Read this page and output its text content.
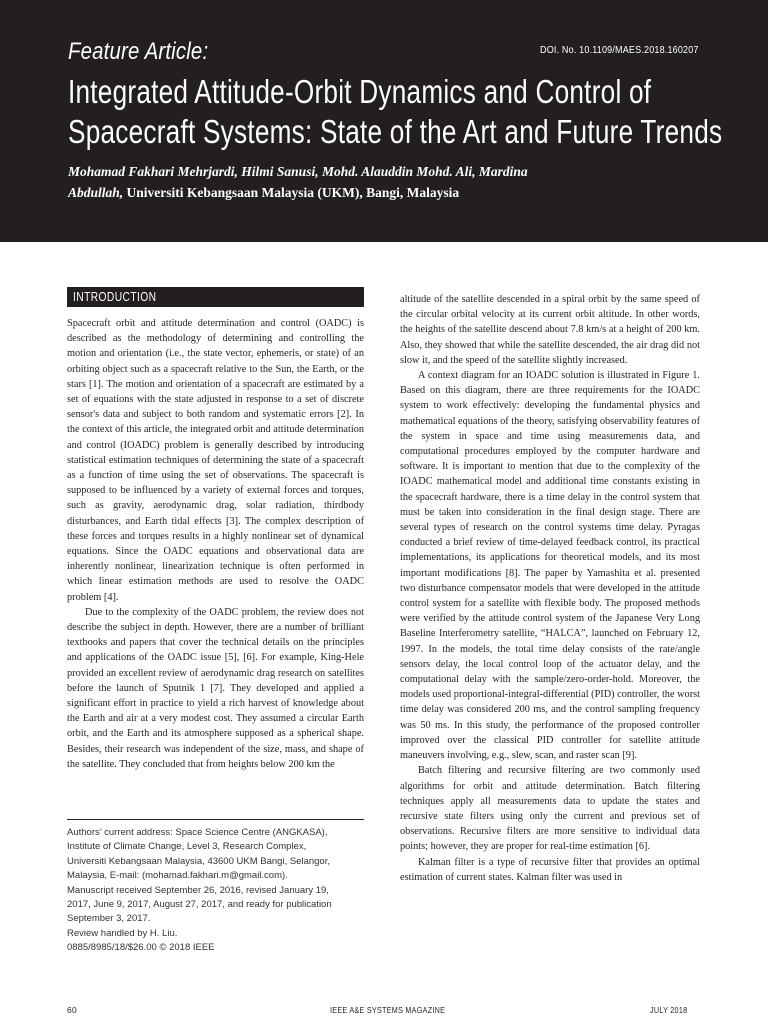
Feature Article:	DOI. No. 10.1109/MAES.2018.160207
Integrated Attitude-Orbit Dynamics and Control of
Spacecraft Systems: State of the Art and Future Trends
Mohamad Fakhari Mehrjardi, Hilmi Sanusi, Mohd. Alauddin Mohd. Ali, Mardina
Abdullah, Universiti Kebangsaan Malaysia (UKM), Bangi, Malaysia
INTRODUCTION

Spacecraft orbit and attitude determination and control (OADC) is described as the methodology of determining and controlling the motion and orientation (i.e., the state vector, ephemeris, or state) of an orbiting object such as a spacecraft relative to the Sun, the Earth, or the stars [1]. The motion and orientation of a spacecraft are estimated by a set of equations with the state adjusted in response to a set of discrete sensor's data and subject to both random and systematic errors [2]. In the context of this article, the integrated orbit and attitude determination and control (IOADC) problem is generally described by introducing statistical estimation techniques of determining the state of a spacecraft as a function of time using the set of observations. The spacecraft is supposed to be influenced by a variety of external forces and torques, such as gravity, aerodynamic drag, solar radiation, thirdbody disturbances, and Earth tidal effects [3]. The complex description of these forces and torques results in a highly nonlinear set of dynamical equations. Since the OADC equations and observational data are inherently nonlinear, linearization technique is often performed in which linear estimation methods are used to resolve the OADC problem [4].

Due to the complexity of the OADC problem, the review does not describe the subject in depth. However, there are a number of brilliant textbooks and papers that cover the technical details on the principles and applications of the OADC issue [5], [6]. For example, King-Hele provided an excellent review of aerodynamic drag research on satellites before the launch of Sputnik 1 [7]. They developed and applied a significant effort in practice to yield a rich harvest of knowledge about the Earth and air at a very modest cost. They assumed a circular Earth orbit, and the Earth and its atmosphere supposed as a spherical shape. Besides, their research was independent of the size, mass, and shape of the satellite. They concluded that from heights below 200 km the

Authors’ current address: Space Science Centre (ANGKASA),
Institute of Climate Change, Level 3, Research Complex,
Universiti Kebangsaan Malaysia, 43600 UKM Bangi, Selangor,
Malaysia, E-mail: (mohamad.fakhari.m@gmail.com).
Manuscript received September 26, 2016, revised January 19,
2017, June 9, 2017, August 27, 2017, and ready for publication
September 3, 2017.
Review handled by H. Liu.
0885/8985/18/$26.00 © 2018 IEEE

altitude of the satellite descended in a spiral orbit by the same speed of the circular orbital velocity at its current orbit altitude. In other words, the heights of the satellite descend about 7.8 km/s at a height of 200 km. Also, they showed that while the satellite descended, the air drag did not slow it, and the speed of the satellite slightly increased.

A context diagram for an IOADC solution is illustrated in Figure 1. Based on this diagram, there are three requirements for the IOADC system to work effectively: developing the fundamental physics and mathematical equations of the theory, satisfying observability features of the system in space and time using measurements data, and computational procedures employed by the computer hardware and software. It is important to mention that due to the complexity of the IOADC mathematical model and additional time constants existing in the spacecraft hardware, there is a time delay in the control system that must be taken into consideration in the final design stage. There are several types of research on the control systems time delay. Pyragas conducted a brief review of time-delayed feedback control, its practical implementations, its applications for theoretical models, and its most important modifications [8]. The paper by Yamashita et al. presented two disturbance compensator models that were developed in the attitude control system for a satellite with flexible body. The proposed methods were verified by the attitude control system of the Japanese Very Long Baseline Interferometry satellite, “HALCA”, launched on February 12, 1997. In the models, the total time delay consists of the rate/angle sensors delay, the local control loop of the actuator delay, and the computational delay with the sample/zero-order-hold. Moreover, the models used proportional-integral-differential (PID) controller, the worst time delay was considered 200 ms, and the control sampling frequency was 50 ms. In this study, the performance of the proposed controller improved over the classical PID controller for satellite attitude maneuvers involving, e.g., slew, scan, and raster scan [9].

Batch filtering and recursive filtering are two commonly used algorithms for orbit and attitude determination. Batch filtering techniques apply all measurements data to update the states and recursive state filters using only the current and previous set of observations. Recursive filters are more sensitive to individual data points; however, they are proper for real-time estimation [6].

Kalman filter is a type of recursive filter that provides an optimal estimation of current states. Kalman filter was used in

60	IEEE A&E SYSTEMS MAGAZINE	JULY 2018
